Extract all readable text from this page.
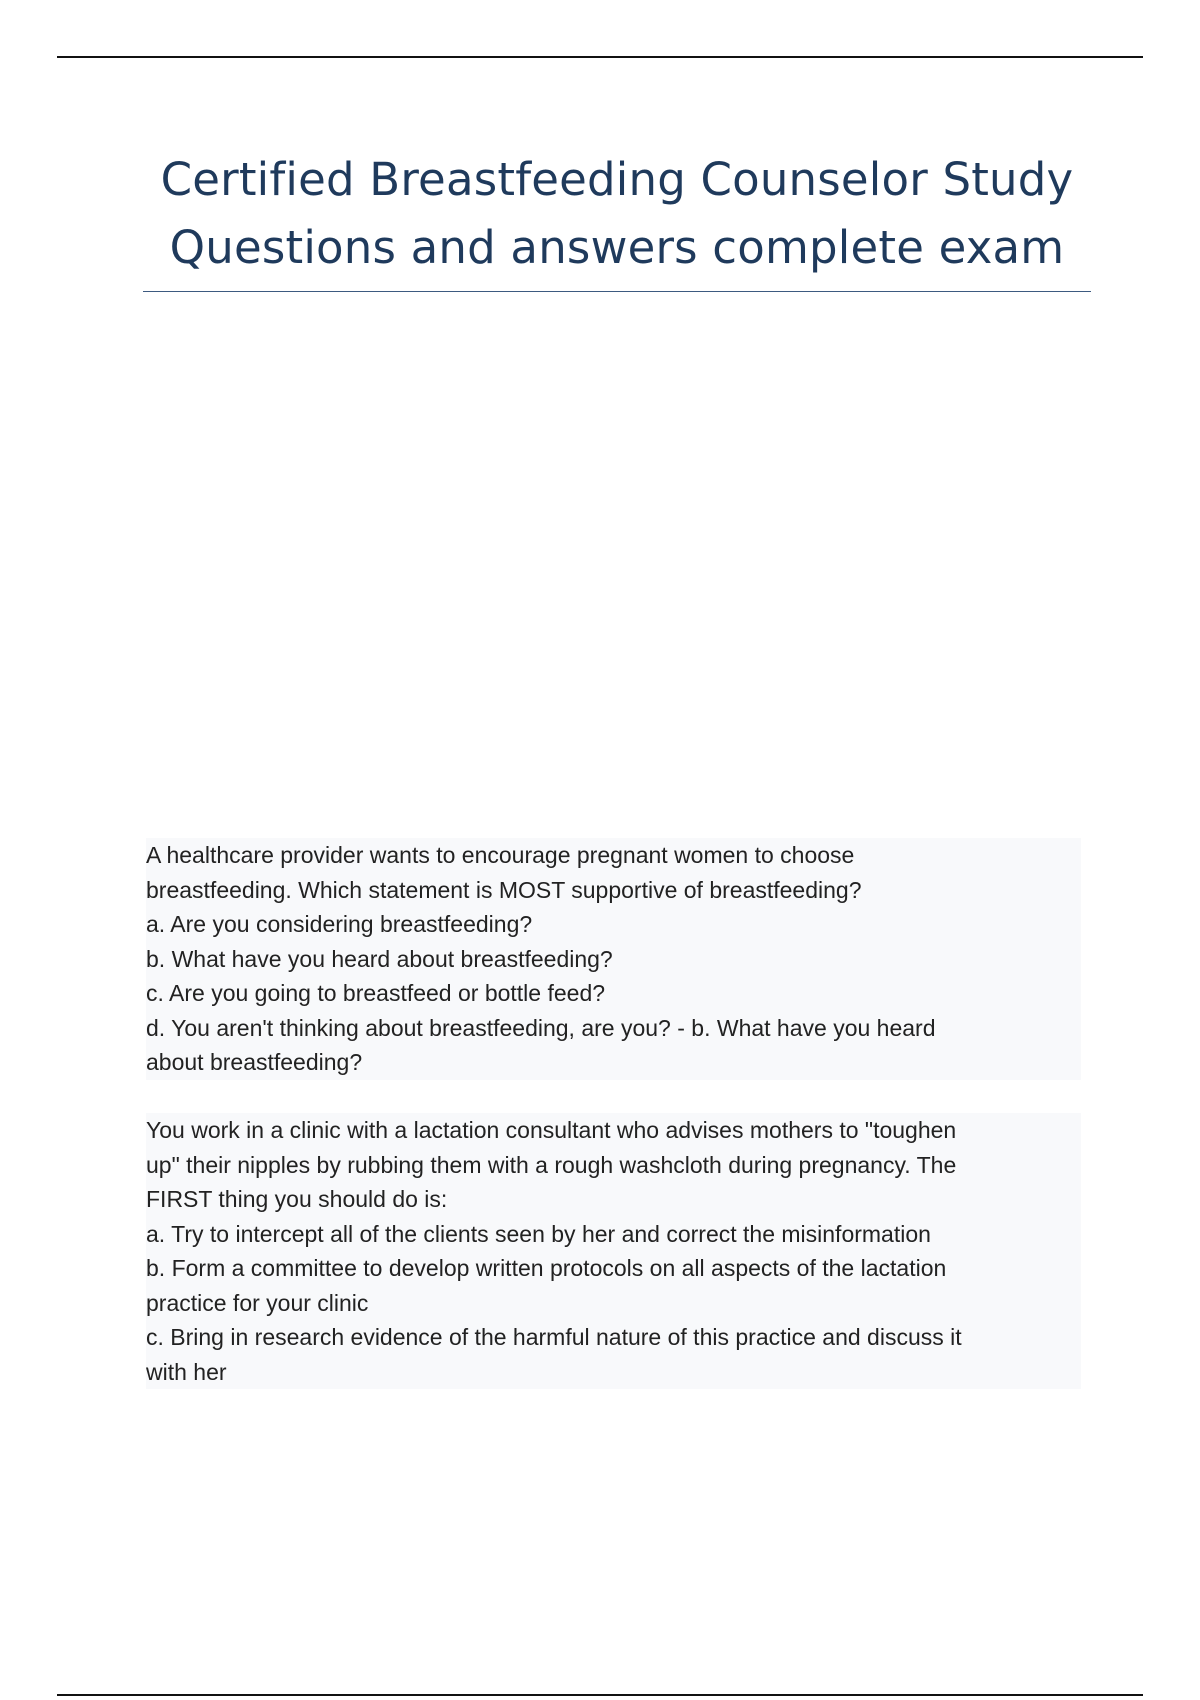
Certified Breastfeeding Counselor Study
Questions and answers complete exam
A healthcare provider wants to encourage pregnant women to choose
breastfeeding. Which statement is MOST supportive of breastfeeding?
a. Are you considering breastfeeding?
b. What have you heard about breastfeeding?
c. Are you going to breastfeed or bottle feed?
d. You aren't thinking about breastfeeding, are you? - b. What have you heard
about breastfeeding?
You work in a clinic with a lactation consultant who advises mothers to "toughen
up" their nipples by rubbing them with a rough washcloth during pregnancy. The
FIRST thing you should do is:
a. Try to intercept all of the clients seen by her and correct the misinformation
b. Form a committee to develop written protocols on all aspects of the lactation
practice for your clinic
c. Bring in research evidence of the harmful nature of this practice and discuss it
with her
